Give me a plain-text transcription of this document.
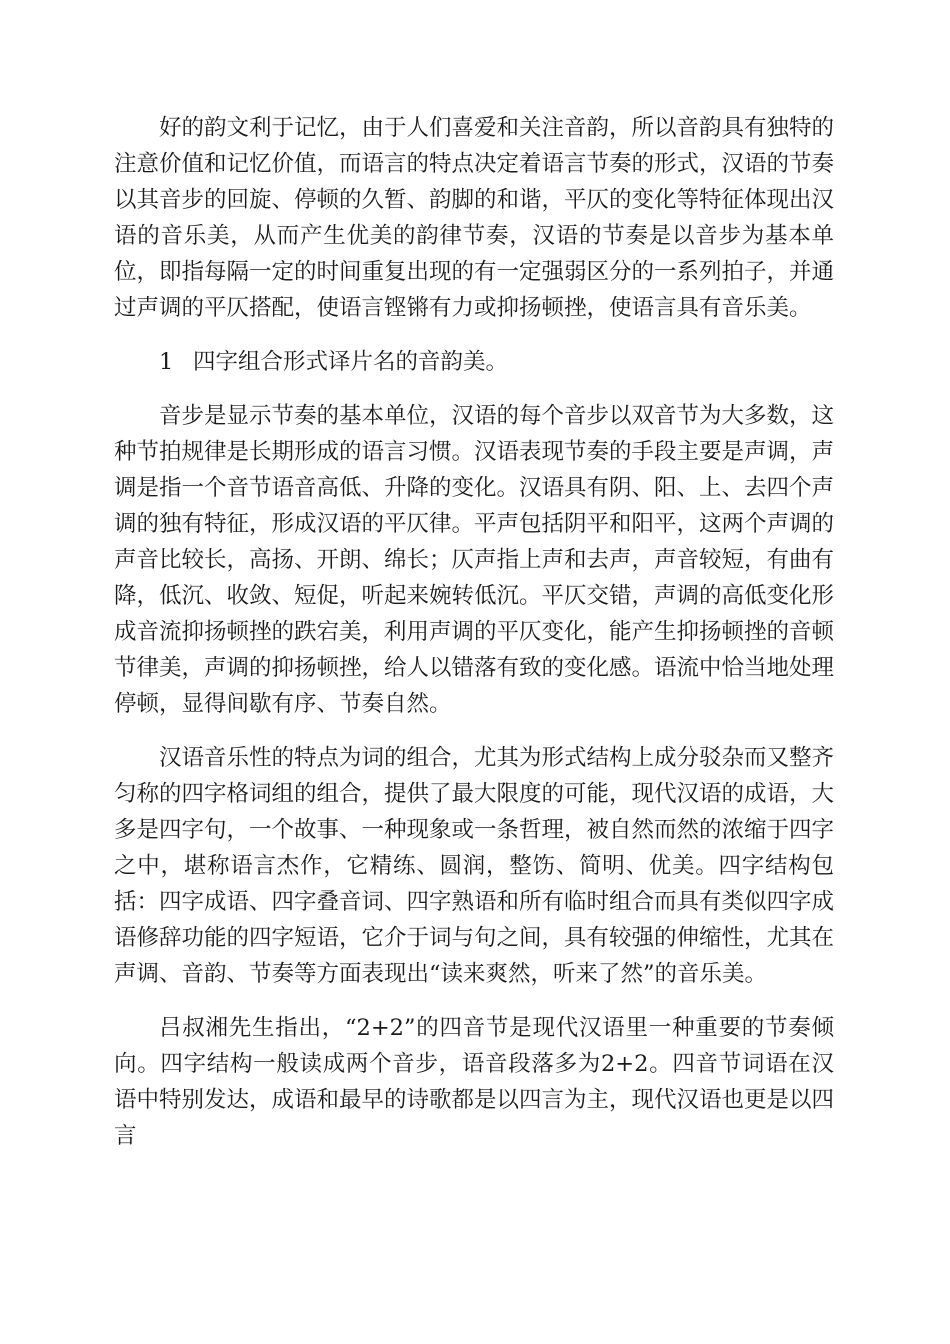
好的韵文利于记忆，由于人们喜爱和关注音韵，所以音韵具有独特的注意价值和记忆价值，而语言的特点决定着语言节奏的形式，汉语的节奏以其音步的回旋、停顿的久暂、韵脚的和谐，平仄的变化等特征体现出汉语的音乐美，从而产生优美的韵律节奏，汉语的节奏是以音步为基本单位，即指每隔一定的时间重复出现的有一定强弱区分的一系列拍子，并通过声调的平仄搭配，使语言铿锵有力或抑扬顿挫，使语言具有音乐美。

1 四字组合形式译片名的音韵美。

音步是显示节奏的基本单位，汉语的每个音步以双音节为大多数，这种节拍规律是长期形成的语言习惯。汉语表现节奏的手段主要是声调，声调是指一个音节语音高低、升降的变化。汉语具有阴、阳、上、去四个声调的独有特征，形成汉语的平仄律。平声包括阴平和阳平，这两个声调的声音比较长，高扬、开朗、绵长；仄声指上声和去声，声音较短，有曲有降，低沉、收敛、短促，听起来婉转低沉。平仄交错，声调的高低变化形成音流抑扬顿挫的跌宕美，利用声调的平仄变化，能产生抑扬顿挫的音顿节律美，声调的抑扬顿挫，给人以错落有致的变化感。语流中恰当地处理停顿，显得间歇有序、节奏自然。

汉语音乐性的特点为词的组合，尤其为形式结构上成分驳杂而又整齐匀称的四字格词组的组合，提供了最大限度的可能，现代汉语的成语，大多是四字句，一个故事、一种现象或一条哲理，被自然而然的浓缩于四字之中，堪称语言杰作，它精练、圆润，整饬、简明、优美。四字结构包括：四字成语、四字叠音词、四字熟语和所有临时组合而具有类似四字成语修辞功能的四字短语，它介于词与句之间，具有较强的伸缩性，尤其在声调、音韵、节奏等方面表现出“读来爽然，听来了然”的音乐美。

吕叔湘先生指出，“2+2”的四音节是现代汉语里一种重要的节奏倾向。四字结构一般读成两个音步，语音段落多为2+2。四音节词语在汉语中特别发达，成语和最早的诗歌都是以四言为主，现代汉语也更是以四言
